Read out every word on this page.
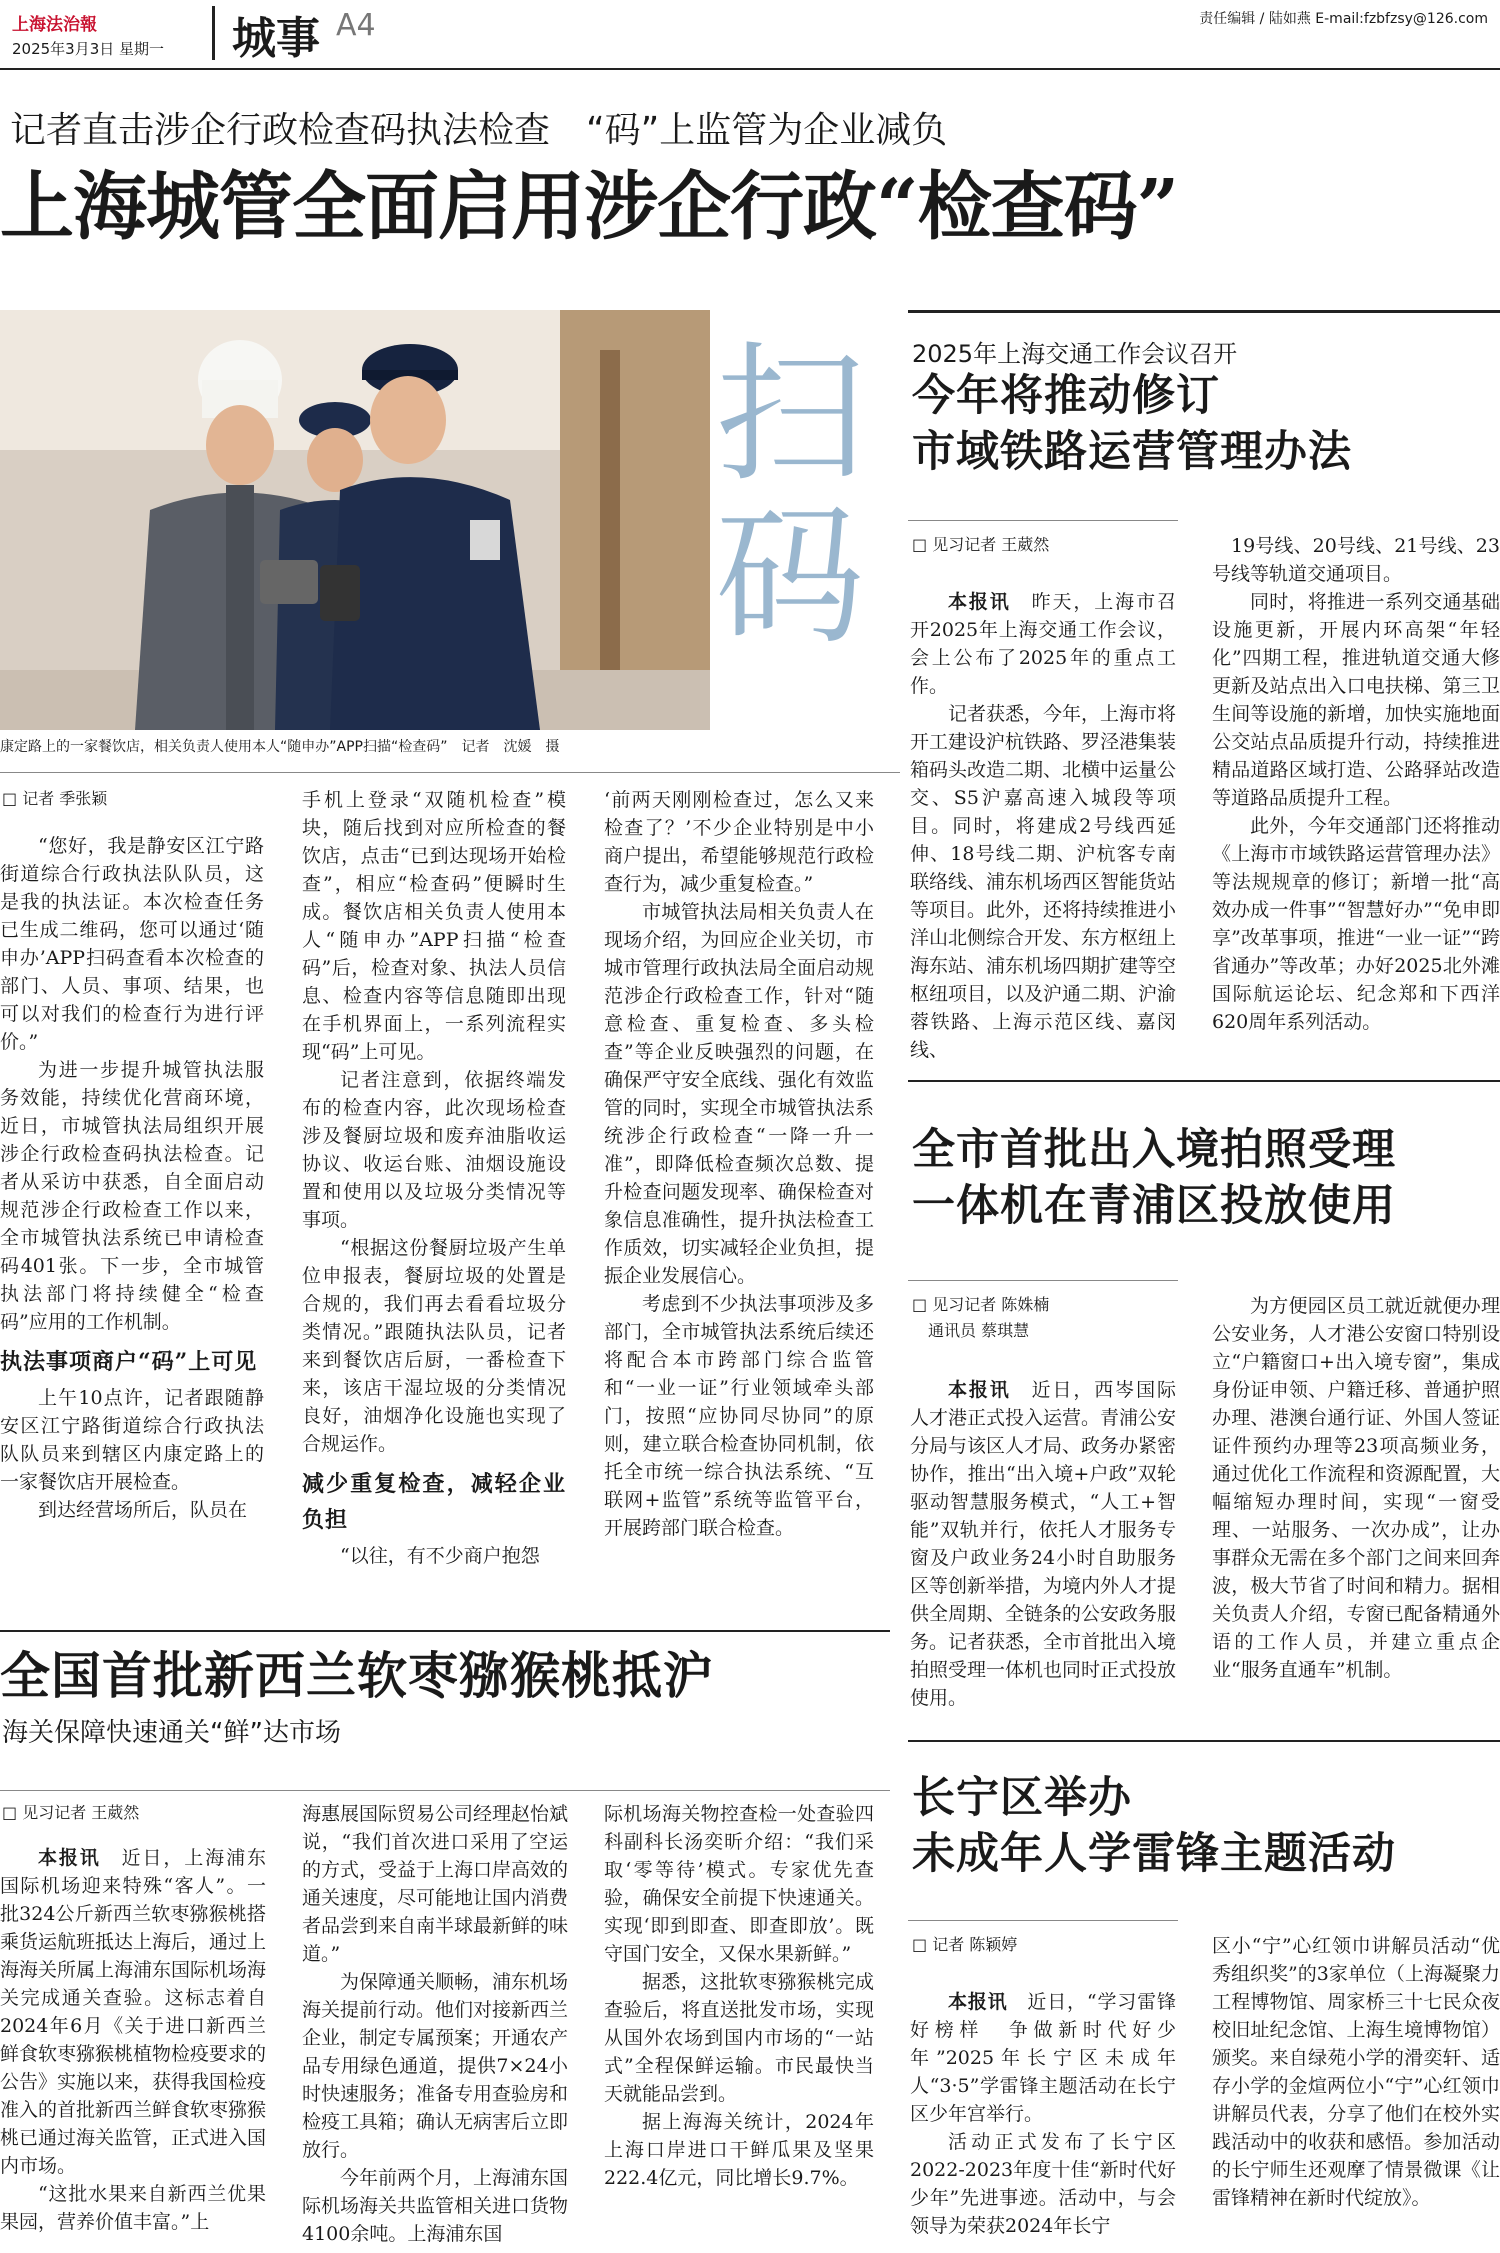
上海法治報
2025年3月3日 星期一 城事 A4	责任编辑 / 陆如燕 E-mail:fzbfzsy@126.com
记者直击涉企行政检查码执法检查　“码”上监管为企业减负
上海城管全面启用涉企行政“检查码”
扫码
康定路上的一家餐饮店，相关负责人使用本人“随申办”APP扫描“检查码”　记者　沈媛　摄
□ 记者 季张颖

“您好，我是静安区江宁路街道综合行政执法队队员，这是我的执法证。本次检查任务已生成二维码，您可以通过‘随申办’APP扫码查看本次检查的部门、人员、事项、结果，也可以对我们的检查行为进行评价。”

为进一步提升城管执法服务效能，持续优化营商环境，近日，市城管执法局组织开展涉企行政检查码执法检查。记者从采访中获悉，自全面启动规范涉企行政检查工作以来，全市城管执法系统已申请检查码401张。下一步，全市城管执法部门将持续健全“检查码”应用的工作机制。

执法事项商户“码”上可见

上午10点许，记者跟随静安区江宁路街道综合行政执法队队员来到辖区内康定路上的一家餐饮店开展检查。

到达经营场所后，队员在

手机上登录“双随机检查”模块，随后找到对应所检查的餐饮店，点击“已到达现场开始检查”，相应“检查码”便瞬时生成。餐饮店相关负责人使用本人“随申办”APP扫描“检查码”后，检查对象、执法人员信息、检查内容等信息随即出现在手机界面上，一系列流程实现“码”上可见。

记者注意到，依据终端发布的检查内容，此次现场检查涉及餐厨垃圾和废弃油脂收运协议、收运台账、油烟设施设置和使用以及垃圾分类情况等事项。

“根据这份餐厨垃圾产生单位申报表，餐厨垃圾的处置是合规的，我们再去看看垃圾分类情况。”跟随执法队员，记者来到餐饮店后厨，一番检查下来，该店干湿垃圾的分类情况良好，油烟净化设施也实现了合规运作。

减少重复检查，减轻企业负担

“以往，有不少商户抱怨

‘前两天刚刚检查过，怎么又来检查了？’不少企业特别是中小商户提出，希望能够规范行政检查行为，减少重复检查。”

市城管执法局相关负责人在现场介绍，为回应企业关切，市城市管理行政执法局全面启动规范涉企行政检查工作，针对“随意检查、重复检查、多头检查”等企业反映强烈的问题，在确保严守安全底线、强化有效监管的同时，实现全市城管执法系统涉企行政检查“一降一升一准”，即降低检查频次总数、提升检查问题发现率、确保检查对象信息准确性，提升执法检查工作质效，切实减轻企业负担，提振企业发展信心。

考虑到不少执法事项涉及多部门，全市城管执法系统后续还将配合本市跨部门综合监管和“一业一证”行业领域牵头部门，按照“应协同尽协同”的原则，建立联合检查协同机制，依托全市统一综合执法系统、“互联网+监管”系统等监管平台，开展跨部门联合检查。

2025年上海交通工作会议召开
今年将推动修订
市域铁路运营管理办法
□ 见习记者 王葳然

本报讯　 昨天，上海市召开2025年上海交通工作会议，会上公布了2025年的重点工作。

记者获悉，今年，上海市将开工建设沪杭铁路、罗泾港集装箱码头改造二期、北横中运量公交、S5沪嘉高速入城段等项目。同时，将建成2号线西延伸、18号线二期、沪杭客专南联络线、浦东机场西区智能货站等项目。此外，还将持续推进小洋山北侧综合开发、东方枢纽上海东站、浦东机场四期扩建等空枢纽项目，以及沪通二期、沪渝蓉铁路、上海示范区线、嘉闵线、

19号线、20号线、21号线、23号线等轨道交通项目。

同时，将推进一系列交通基础设施更新，开展内环高架“年轻化”四期工程，推进轨道交通大修更新及站点出入口电扶梯、第三卫生间等设施的新增，加快实施地面公交站点品质提升行动，持续推进精品道路区域打造、公路驿站改造等道路品质提升工程。

此外，今年交通部门还将推动《上海市市域铁路运营管理办法》等法规规章的修订；新增一批“高效办成一件事”“智慧好办”“免申即享”改革事项，推进“一业一证”“跨省通办”等改革；办好2025北外滩国际航运论坛、纪念郑和下西洋620周年系列活动。

全市首批出入境拍照受理
一体机在青浦区投放使用
□ 见习记者 陈姝楠
　通讯员 蔡琪慧

本报讯　 近日，西岑国际人才港正式投入运营。青浦公安分局与该区人才局、政务办紧密协作，推出“出入境+户政”双轮驱动智慧服务模式，“人工+智能”双轨并行，依托人才服务专窗及户政业务24小时自助服务区等创新举措，为境内外人才提供全周期、全链条的公安政务服务。记者获悉，全市首批出入境拍照受理一体机也同时正式投放使用。

为方便园区员工就近就便办理公安业务，人才港公安窗口特别设立“户籍窗口+出入境专窗”，集成身份证申领、户籍迁移、普通护照办理、港澳台通行证、外国人签证证件预约办理等23项高频业务，通过优化工作流程和资源配置，大幅缩短办理时间，实现“一窗受理、一站服务、一次办成”，让办事群众无需在多个部门之间来回奔波，极大节省了时间和精力。据相关负责人介绍，专窗已配备精通外语的工作人员，并建立重点企业“服务直通车”机制。

全国首批新西兰软枣猕猴桃抵沪
海关保障快速通关“鲜”达市场
□ 见习记者 王葳然

本报讯　 近日，上海浦东国际机场迎来特殊“客人”。一批324公斤新西兰软枣猕猴桃搭乘货运航班抵达上海后，通过上海海关所属上海浦东国际机场海关完成通关查验。这标志着自2024年6月《关于进口新西兰鲜食软枣猕猴桃植物检疫要求的公告》实施以来，获得我国检疫准入的首批新西兰鲜食软枣猕猴桃已通过海关监管，正式进入国内市场。

“这批水果来自新西兰优果果园，营养价值丰富。”上

海惠展国际贸易公司经理赵怡斌说，“我们首次进口采用了空运的方式，受益于上海口岸高效的通关速度，尽可能地让国内消费者品尝到来自南半球最新鲜的味道。”

为保障通关顺畅，浦东机场海关提前行动。他们对接新西兰企业，制定专属预案；开通农产品专用绿色通道，提供7×24小时快速服务；准备专用查验房和检疫工具箱；确认无病害后立即放行。

今年前两个月，上海浦东国际机场海关共监管相关进口货物4100余吨。上海浦东国

际机场海关物控查检一处查验四科副科长汤奕昕介绍：“我们采取‘零等待’模式。专家优先查验，确保安全前提下快速通关。实现‘即到即查、即查即放’。既守国门安全，又保水果新鲜。”

据悉，这批软枣猕猴桃完成查验后，将直送批发市场，实现从国外农场到国内市场的“一站式”全程保鲜运输。市民最快当天就能品尝到。

据上海海关统计，2024年上海口岸进口干鲜瓜果及坚果222.4亿元，同比增长9.7%。

长宁区举办
未成年人学雷锋主题活动
□ 记者 陈颖婷

本报讯　 近日，“学习雷锋好榜样　争做新时代好少年”2025年长宁区未成年人“3·5”学雷锋主题活动在长宁区少年宫举行。

活动正式发布了长宁区2022-2023年度十佳“新时代好少年”先进事迹。活动中，与会领导为荣获2024年长宁

区小“宁”心红领巾讲解员活动“优秀组织奖”的3家单位（上海凝聚力工程博物馆、周家桥三十七民众夜校旧址纪念馆、上海生境博物馆）颁奖。来自绿苑小学的滑奕轩、适存小学的金煊两位小“宁”心红领巾讲解员代表，分享了他们在校外实践活动中的收获和感悟。参加活动的长宁师生还观摩了情景微课《让雷锋精神在新时代绽放》。
